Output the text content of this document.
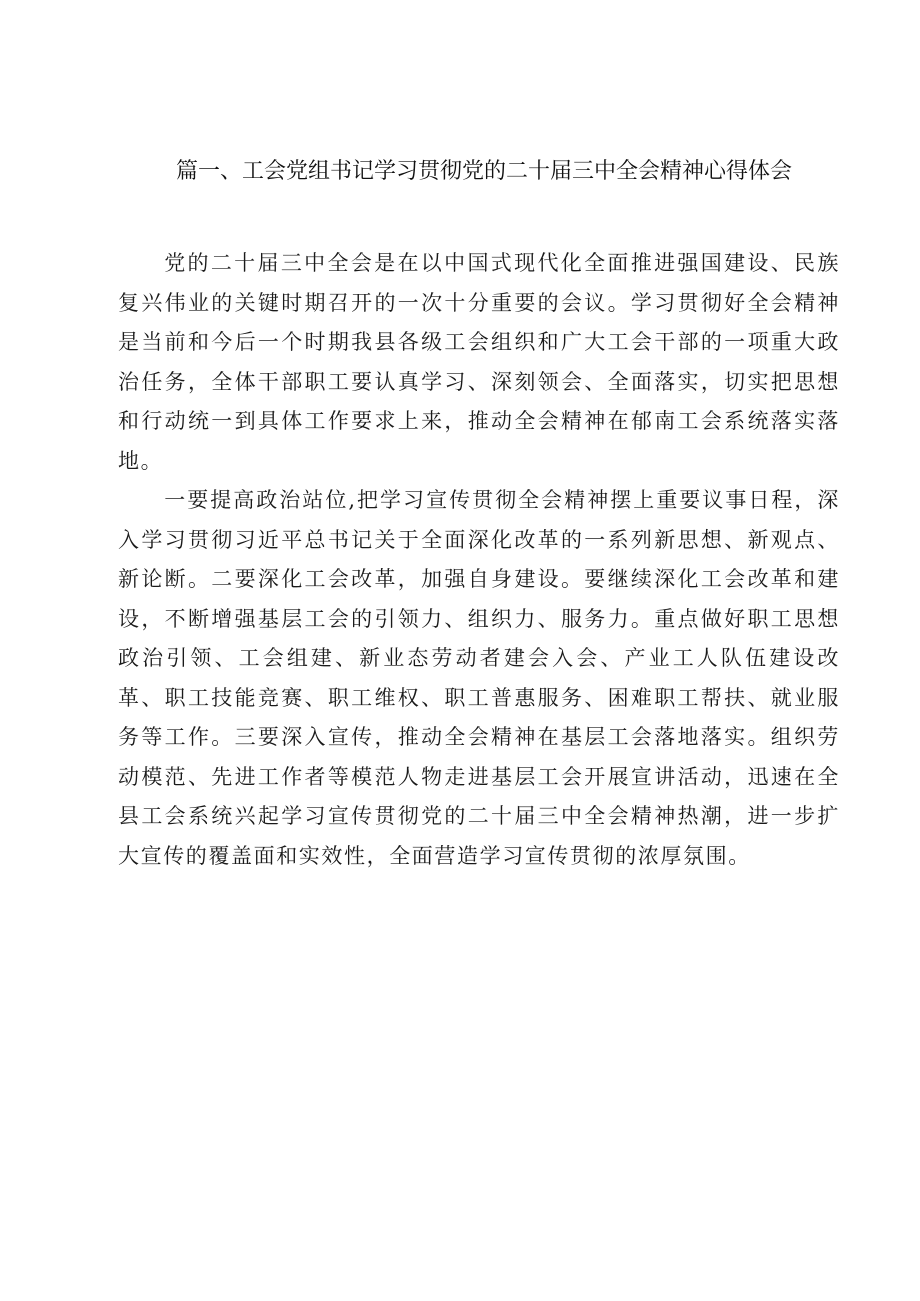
篇一、工会党组书记学习贯彻党的二十届三中全会精神心得体会

党的二十届三中全会是在以中国式现代化全面推进强国建设、民族复兴伟业的关键时期召开的一次十分重要的会议。学习贯彻好全会精神是当前和今后一个时期我县各级工会组织和广大工会干部的一项重大政治任务，全体干部职工要认真学习、深刻领会、全面落实，切实把思想和行动统一到具体工作要求上来，推动全会精神在郁南工会系统落实落地。

一要提高政治站位,把学习宣传贯彻全会精神摆上重要议事日程，深入学习贯彻习近平总书记关于全面深化改革的一系列新思想、新观点、新论断。二要深化工会改革，加强自身建设。要继续深化工会改革和建设，不断增强基层工会的引领力、组织力、服务力。重点做好职工思想政治引领、工会组建、新业态劳动者建会入会、产业工人队伍建设改革、职工技能竞赛、职工维权、职工普惠服务、困难职工帮扶、就业服务等工作。三要深入宣传，推动全会精神在基层工会落地落实。组织劳动模范、先进工作者等模范人物走进基层工会开展宣讲活动，迅速在全县工会系统兴起学习宣传贯彻党的二十届三中全会精神热潮，进一步扩大宣传的覆盖面和实效性，全面营造学习宣传贯彻的浓厚氛围。
